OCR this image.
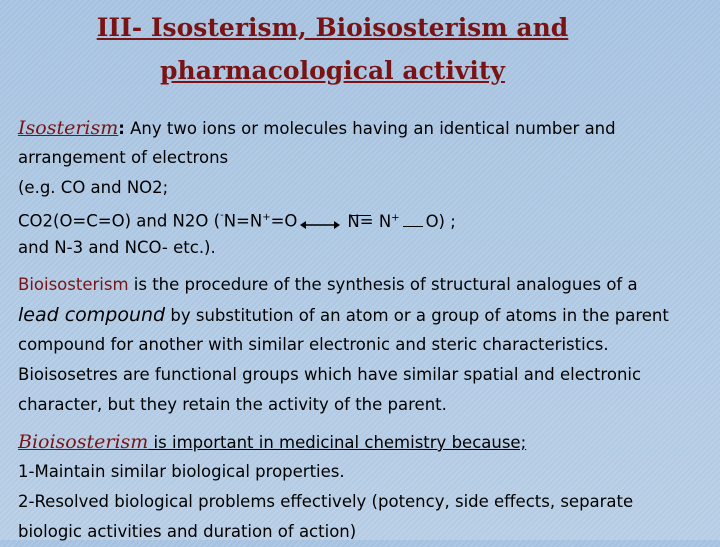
III- Isosterism, Bioisosterism and
pharmacological activity
Isosterism: Any two ions or molecules having an identical number and
arrangement of electrons
(e.g. CO and NO2;
CO2(O=C=O) and N2O (-N=N+=O	N= N+ O) ;
and N-3 and NCO- etc.).
Bioisosterism is the procedure of the synthesis of structural analogues of a
lead compound by substitution of an atom or a group of atoms in the parent
compound for another with similar electronic and steric characteristics.
Bioisosetres are functional groups which have similar spatial and electronic
character, but they retain the activity of the parent.
Bioisosterism is important in medicinal chemistry because;
1-Maintain similar biological properties.
2-Resolved biological problems effectively (potency, side effects, separate
biologic activities and duration of action)
